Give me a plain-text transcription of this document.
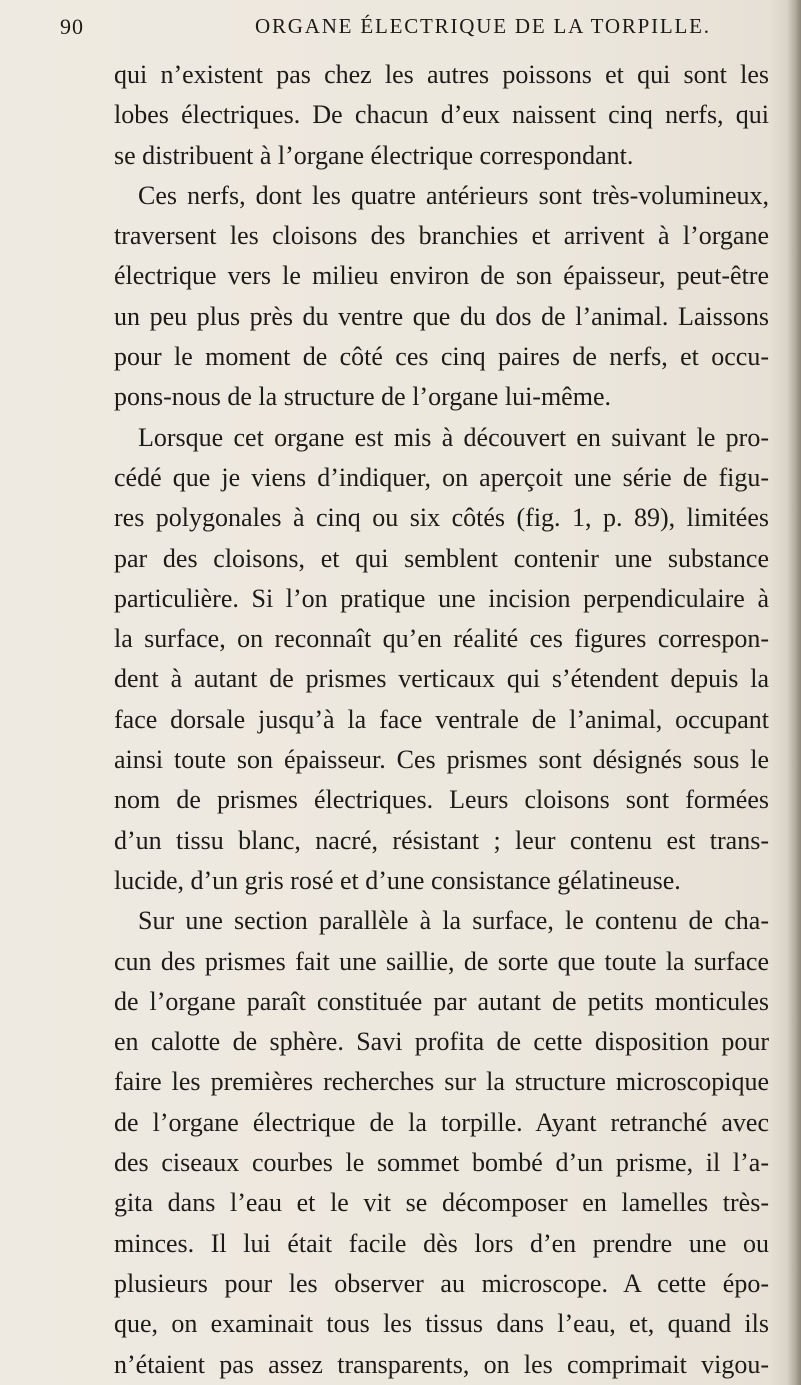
90	ORGANE ÉLECTRIQUE DE LA TORPILLE.
qui n’existent pas chez les autres poissons et qui sont les
lobes électriques. De chacun d’eux naissent cinq nerfs, qui
se distribuent à l’organe électrique correspondant.
Ces nerfs, dont les quatre antérieurs sont très-volumineux,
traversent les cloisons des branchies et arrivent à l’organe
électrique vers le milieu environ de son épaisseur, peut-être
un peu plus près du ventre que du dos de l’animal. Laissons
pour le moment de côté ces cinq paires de nerfs, et occu-
pons-nous de la structure de l’organe lui-même.
Lorsque cet organe est mis à découvert en suivant le pro-
cédé que je viens d’indiquer, on aperçoit une série de figu-
res polygonales à cinq ou six côtés (fig. 1, p. 89), limitées
par des cloisons, et qui semblent contenir une substance
particulière. Si l’on pratique une incision perpendiculaire à
la surface, on reconnaît qu’en réalité ces figures correspon-
dent à autant de prismes verticaux qui s’étendent depuis la
face dorsale jusqu’à la face ventrale de l’animal, occupant
ainsi toute son épaisseur. Ces prismes sont désignés sous le
nom de prismes électriques. Leurs cloisons sont formées
d’un tissu blanc, nacré, résistant ; leur contenu est trans-
lucide, d’un gris rosé et d’une consistance gélatineuse.
Sur une section parallèle à la surface, le contenu de cha-
cun des prismes fait une saillie, de sorte que toute la surface
de l’organe paraît constituée par autant de petits monticules
en calotte de sphère. Savi profita de cette disposition pour
faire les premières recherches sur la structure microscopique
de l’organe électrique de la torpille. Ayant retranché avec
des ciseaux courbes le sommet bombé d’un prisme, il l’a-
gita dans l’eau et le vit se décomposer en lamelles très-
minces. Il lui était facile dès lors d’en prendre une ou
plusieurs pour les observer au microscope. A cette épo-
que, on examinait tous les tissus dans l’eau, et, quand ils
n’étaient pas assez transparents, on les comprimait vigou-
